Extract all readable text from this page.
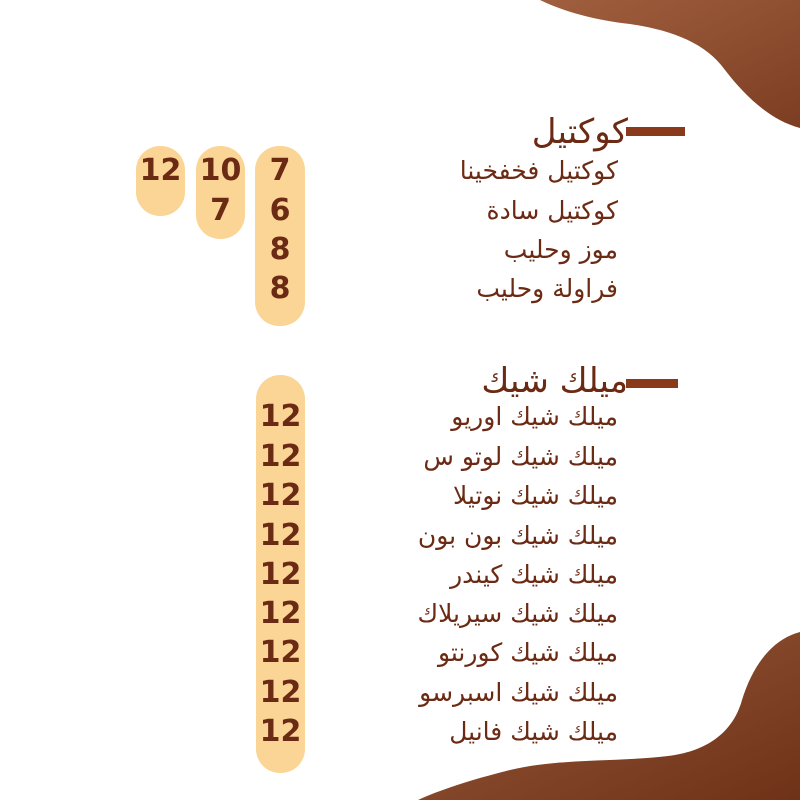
كوكتيل
كوكتيل فخفخينا
7
10
12
كوكتيل سادة
6
7
موز وحليب
8
فراولة وحليب
8
ميلك شيك
ميلك شيك اوريو
12
ميلك شيك لوتو س
12
ميلك شيك نوتيلا
12
ميلك شيك بون بون
12
ميلك شيك كيندر
12
ميلك شيك سيريلاك
12
ميلك شيك كورنتو
12
ميلك شيك اسبرسو
12
ميلك شيك فانيل
12
